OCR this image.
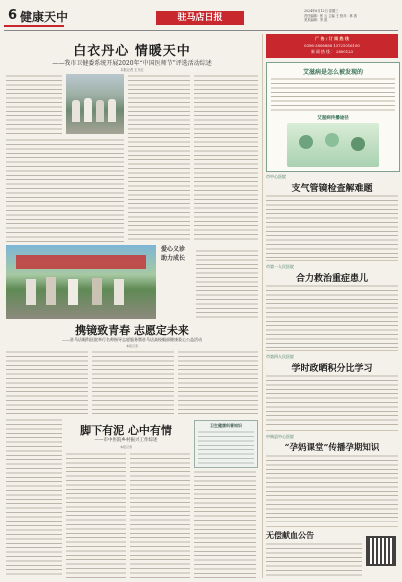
6 健康天中	驻马店日报
2024年6月12日 星期三
责任编辑：张 云 主编 王 校对：林 燕
美术编辑：李 凯
白衣丹心 情暖天中
——我市卫健委系统开展2020年“中国医师节”评选活动综述
本报记者 王月红
爱心义诊
助力成长
携镜致青春 志愿定未来
——驻马店眼科医院举行名师指导志愿服务暨驻马店高校眼部健康爱心公益活动
本报记者
脚下有泥 心中有情
——市中医院乡村振兴工作综述
本报记者
卫生健康科普知识
广 告 / 订 阅 热 线
0396-2806888 13721016100
新 闻 热 线 ： 2800123
艾滋病是怎么被发现的
艾滋病传播途径
市中心医院
支气管镜检查解难题
市第一人民医院
合力救治重症患儿
市第四人民医院
学时政晒积分比学习
中典县中心医院
“孕妈课堂”传播孕期知识
无偿献血公告
